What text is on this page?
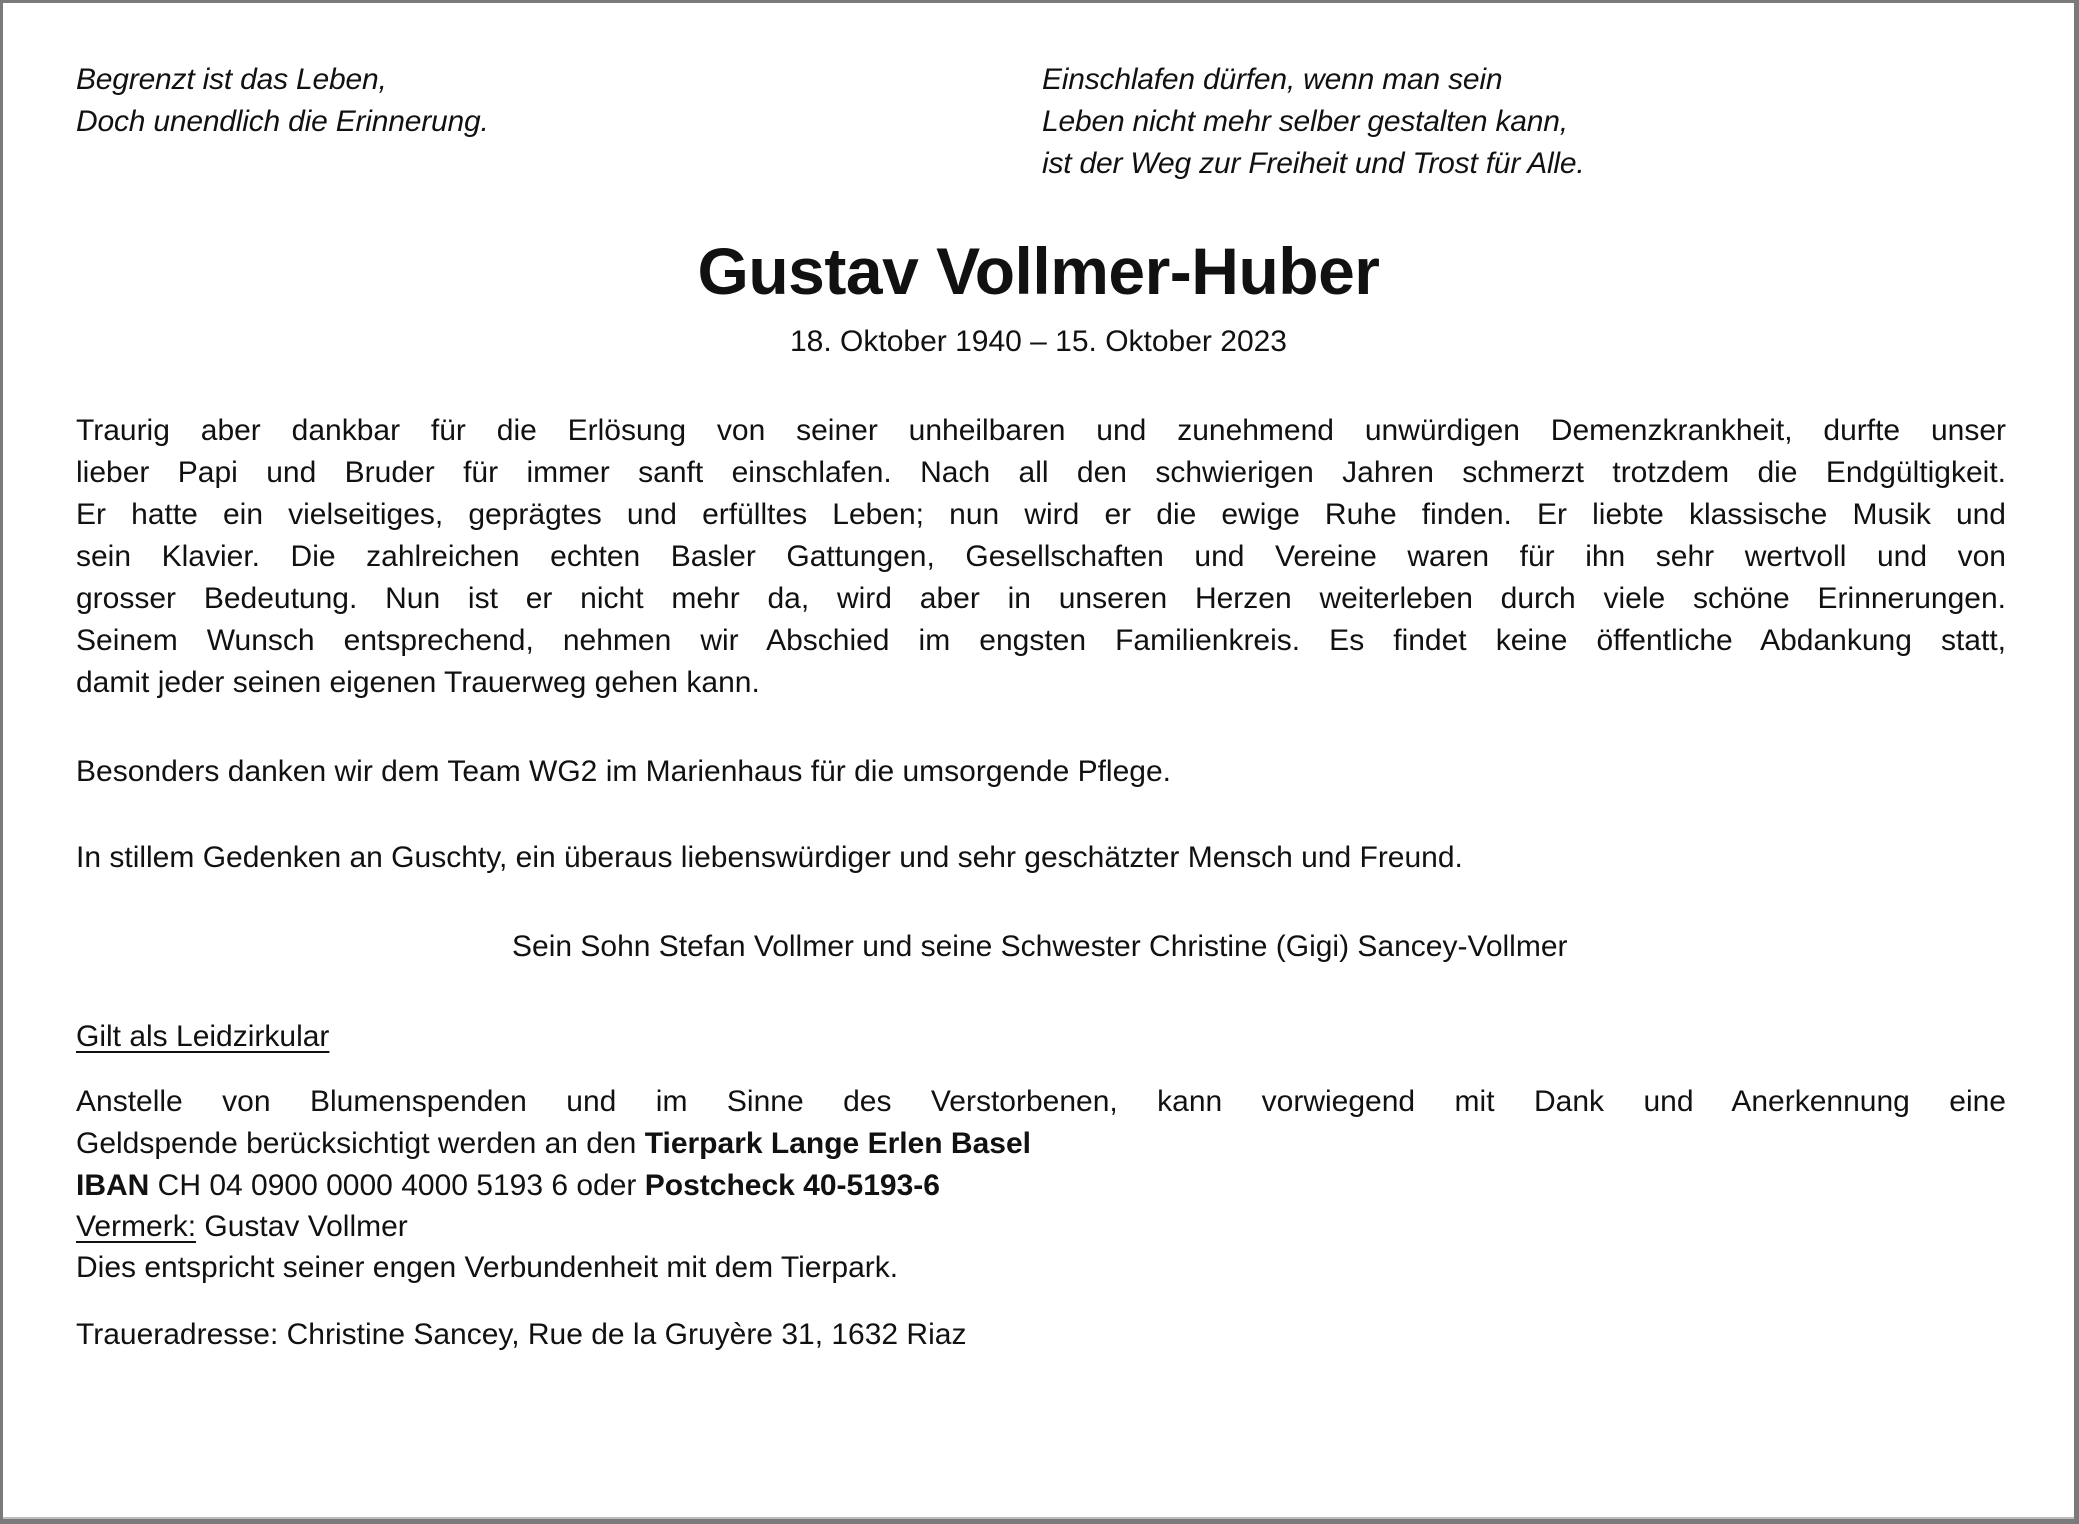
Begrenzt ist das Leben,
Doch unendlich die Erinnerung.
Einschlafen dürfen, wenn man sein
Leben nicht mehr selber gestalten kann,
ist der Weg zur Freiheit und Trost für Alle.
Gustav Vollmer-Huber
18. Oktober 1940 – 15. Oktober 2023
Traurig aber dankbar für die Erlösung von seiner unheilbaren und zunehmend unwürdigen Demenzkrankheit, durfte unser
lieber Papi und Bruder für immer sanft einschlafen. Nach all den schwierigen Jahren schmerzt trotzdem die Endgültigkeit.
Er hatte ein vielseitiges, geprägtes und erfülltes Leben; nun wird er die ewige Ruhe finden. Er liebte klassische Musik und
sein Klavier. Die zahlreichen echten Basler Gattungen, Gesellschaften und Vereine waren für ihn sehr wertvoll und von
grosser Bedeutung. Nun ist er nicht mehr da, wird aber in unseren Herzen weiterleben durch viele schöne Erinnerungen.
Seinem Wunsch entsprechend, nehmen wir Abschied im engsten Familienkreis. Es findet keine öffentliche Abdankung statt,
damit jeder seinen eigenen Trauerweg gehen kann.
Besonders danken wir dem Team WG2 im Marienhaus für die umsorgende Pflege.
In stillem Gedenken an Guschty, ein überaus liebenswürdiger und sehr geschätzter Mensch und Freund.
Sein Sohn Stefan Vollmer und seine Schwester Christine (Gigi) Sancey-Vollmer
Gilt als Leidzirkular
Anstelle von Blumenspenden und im Sinne des Verstorbenen, kann vorwiegend mit Dank und Anerkennung eine
Geldspende berücksichtigt werden an den Tierpark Lange Erlen Basel
IBAN CH 04 0900 0000 4000 5193 6 oder Postcheck 40-5193-6
Vermerk: Gustav Vollmer
Dies entspricht seiner engen Verbundenheit mit dem Tierpark.
Traueradresse: Christine Sancey, Rue de la Gruyère 31, 1632 Riaz
